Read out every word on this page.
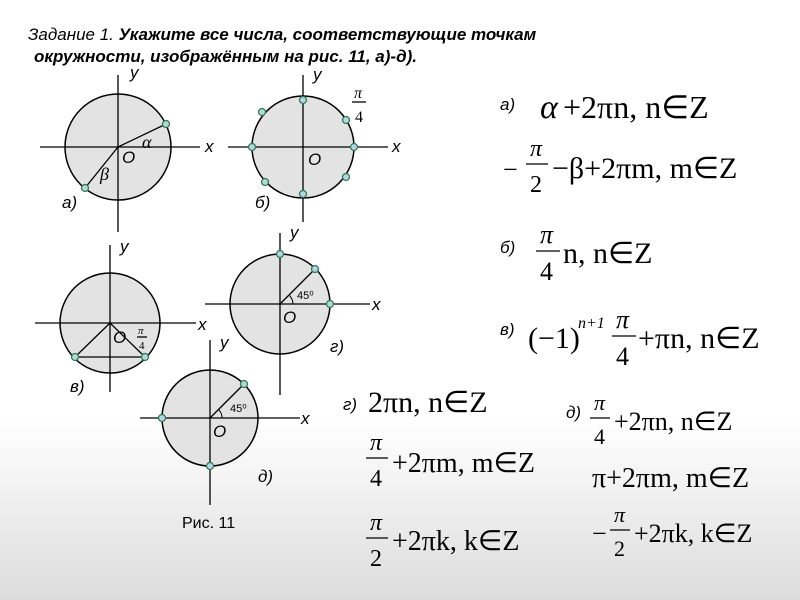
Задание 1. Укажите все числа, соответствующие точкам
окружности, изображённым на рис. 11, а)-д).
у
х
О
α
β
а)
у
х
О
π
4
б)
у
х
О π
4
в)
у
х
О
45⁰
г)
у
х
О
45⁰
д)
Рис. 11
а) α +2πn, n∈Z
−
π
2 −β+2πm, m∈Z
б) π
4
n, n∈Z
в) (−1)
n+1 π
4
+πn, n∈Z
г) 2πn, n∈Z
π
4 +2πm, m∈Z
π
2
+2πk, k∈Z
д) π
4
+2πn, n∈Z
π+2πm, m∈Z
−
π
2
+2πk, k∈Z
